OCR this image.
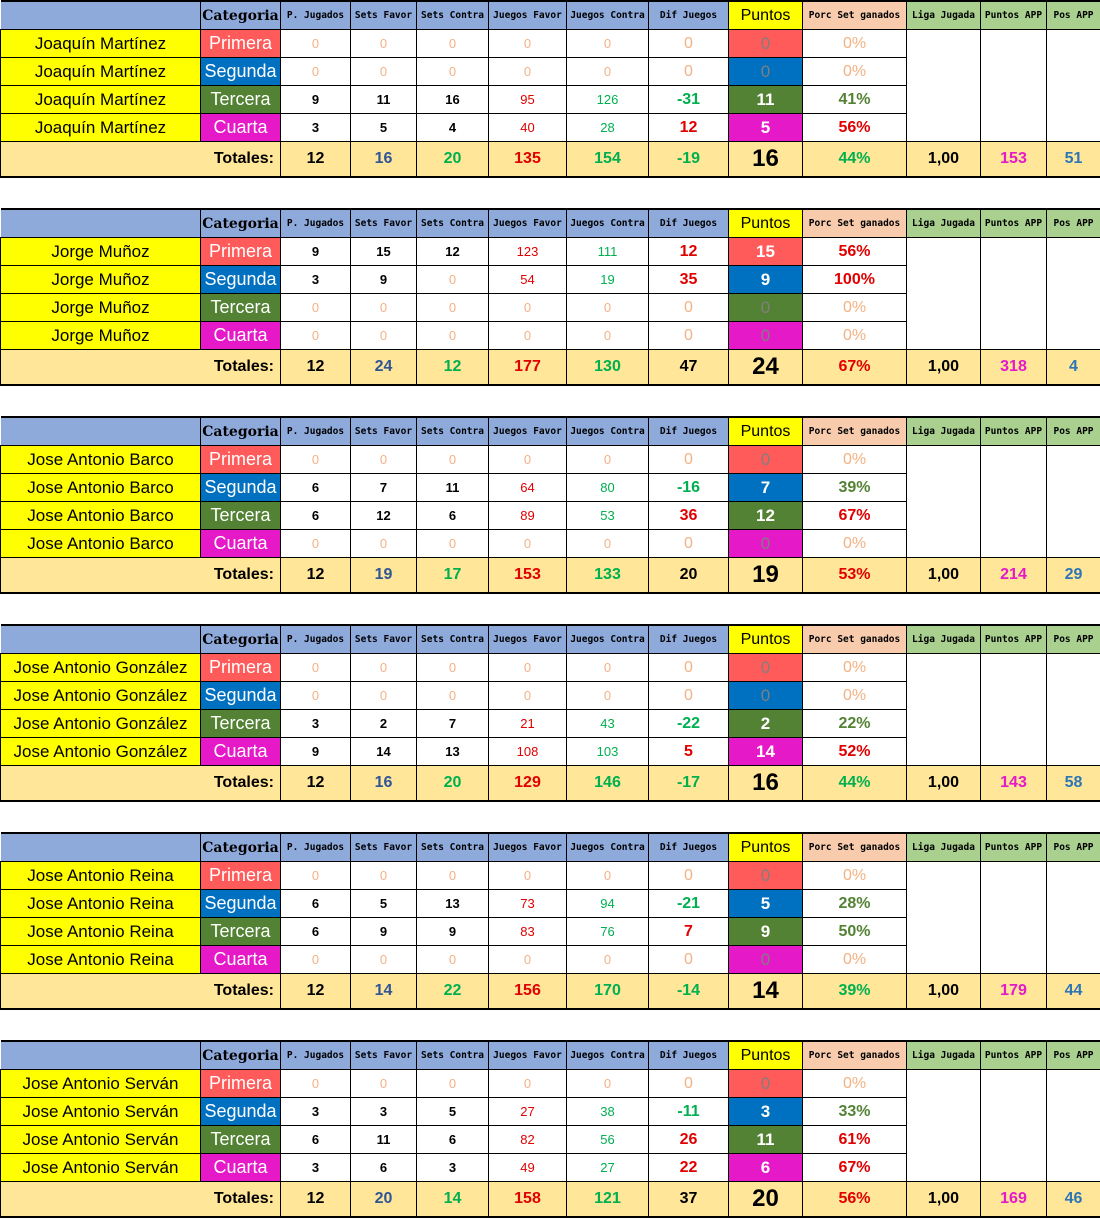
	Categoria	P. Jugados	Sets Favor	Sets Contra	Juegos Favor	Juegos Contra	Dif Juegos	Puntos	Porc Set ganados	Liga Jugada	Puntos APP	Pos APP
Joaquín Martínez	Primera	0	0	0	0	0	0	0	0%			
Joaquín Martínez	Segunda	0	0	0	0	0	0	0	0%			
Joaquín Martínez	Tercera	9	11	16	95	126	-31	11	41%			
Joaquín Martínez	Cuarta	3	5	4	40	28	12	5	56%			
Totales:		12	16	20	135	154	-19	16	44%	1,00	153	51
	Categoria	P. Jugados	Sets Favor	Sets Contra	Juegos Favor	Juegos Contra	Dif Juegos	Puntos	Porc Set ganados	Liga Jugada	Puntos APP	Pos APP
Jorge Muñoz	Primera	9	15	12	123	111	12	15	56%			
Jorge Muñoz	Segunda	3	9	0	54	19	35	9	100%			
Jorge Muñoz	Tercera	0	0	0	0	0	0	0	0%			
Jorge Muñoz	Cuarta	0	0	0	0	0	0	0	0%			
Totales:		12	24	12	177	130	47	24	67%	1,00	318	4
	Categoria	P. Jugados	Sets Favor	Sets Contra	Juegos Favor	Juegos Contra	Dif Juegos	Puntos	Porc Set ganados	Liga Jugada	Puntos APP	Pos APP
Jose Antonio Barco	Primera	0	0	0	0	0	0	0	0%			
Jose Antonio Barco	Segunda	6	7	11	64	80	-16	7	39%			
Jose Antonio Barco	Tercera	6	12	6	89	53	36	12	67%			
Jose Antonio Barco	Cuarta	0	0	0	0	0	0	0	0%			
Totales:		12	19	17	153	133	20	19	53%	1,00	214	29
	Categoria	P. Jugados	Sets Favor	Sets Contra	Juegos Favor	Juegos Contra	Dif Juegos	Puntos	Porc Set ganados	Liga Jugada	Puntos APP	Pos APP
Jose Antonio González	Primera	0	0	0	0	0	0	0	0%			
Jose Antonio González	Segunda	0	0	0	0	0	0	0	0%			
Jose Antonio González	Tercera	3	2	7	21	43	-22	2	22%			
Jose Antonio González	Cuarta	9	14	13	108	103	5	14	52%			
Totales:		12	16	20	129	146	-17	16	44%	1,00	143	58
	Categoria	P. Jugados	Sets Favor	Sets Contra	Juegos Favor	Juegos Contra	Dif Juegos	Puntos	Porc Set ganados	Liga Jugada	Puntos APP	Pos APP
Jose Antonio Reina	Primera	0	0	0	0	0	0	0	0%			
Jose Antonio Reina	Segunda	6	5	13	73	94	-21	5	28%			
Jose Antonio Reina	Tercera	6	9	9	83	76	7	9	50%			
Jose Antonio Reina	Cuarta	0	0	0	0	0	0	0	0%			
Totales:		12	14	22	156	170	-14	14	39%	1,00	179	44
	Categoria	P. Jugados	Sets Favor	Sets Contra	Juegos Favor	Juegos Contra	Dif Juegos	Puntos	Porc Set ganados	Liga Jugada	Puntos APP	Pos APP
Jose Antonio Serván	Primera	0	0	0	0	0	0	0	0%			
Jose Antonio Serván	Segunda	3	3	5	27	38	-11	3	33%			
Jose Antonio Serván	Tercera	6	11	6	82	56	26	11	61%			
Jose Antonio Serván	Cuarta	3	6	3	49	27	22	6	67%			
Totales:		12	20	14	158	121	37	20	56%	1,00	169	46
